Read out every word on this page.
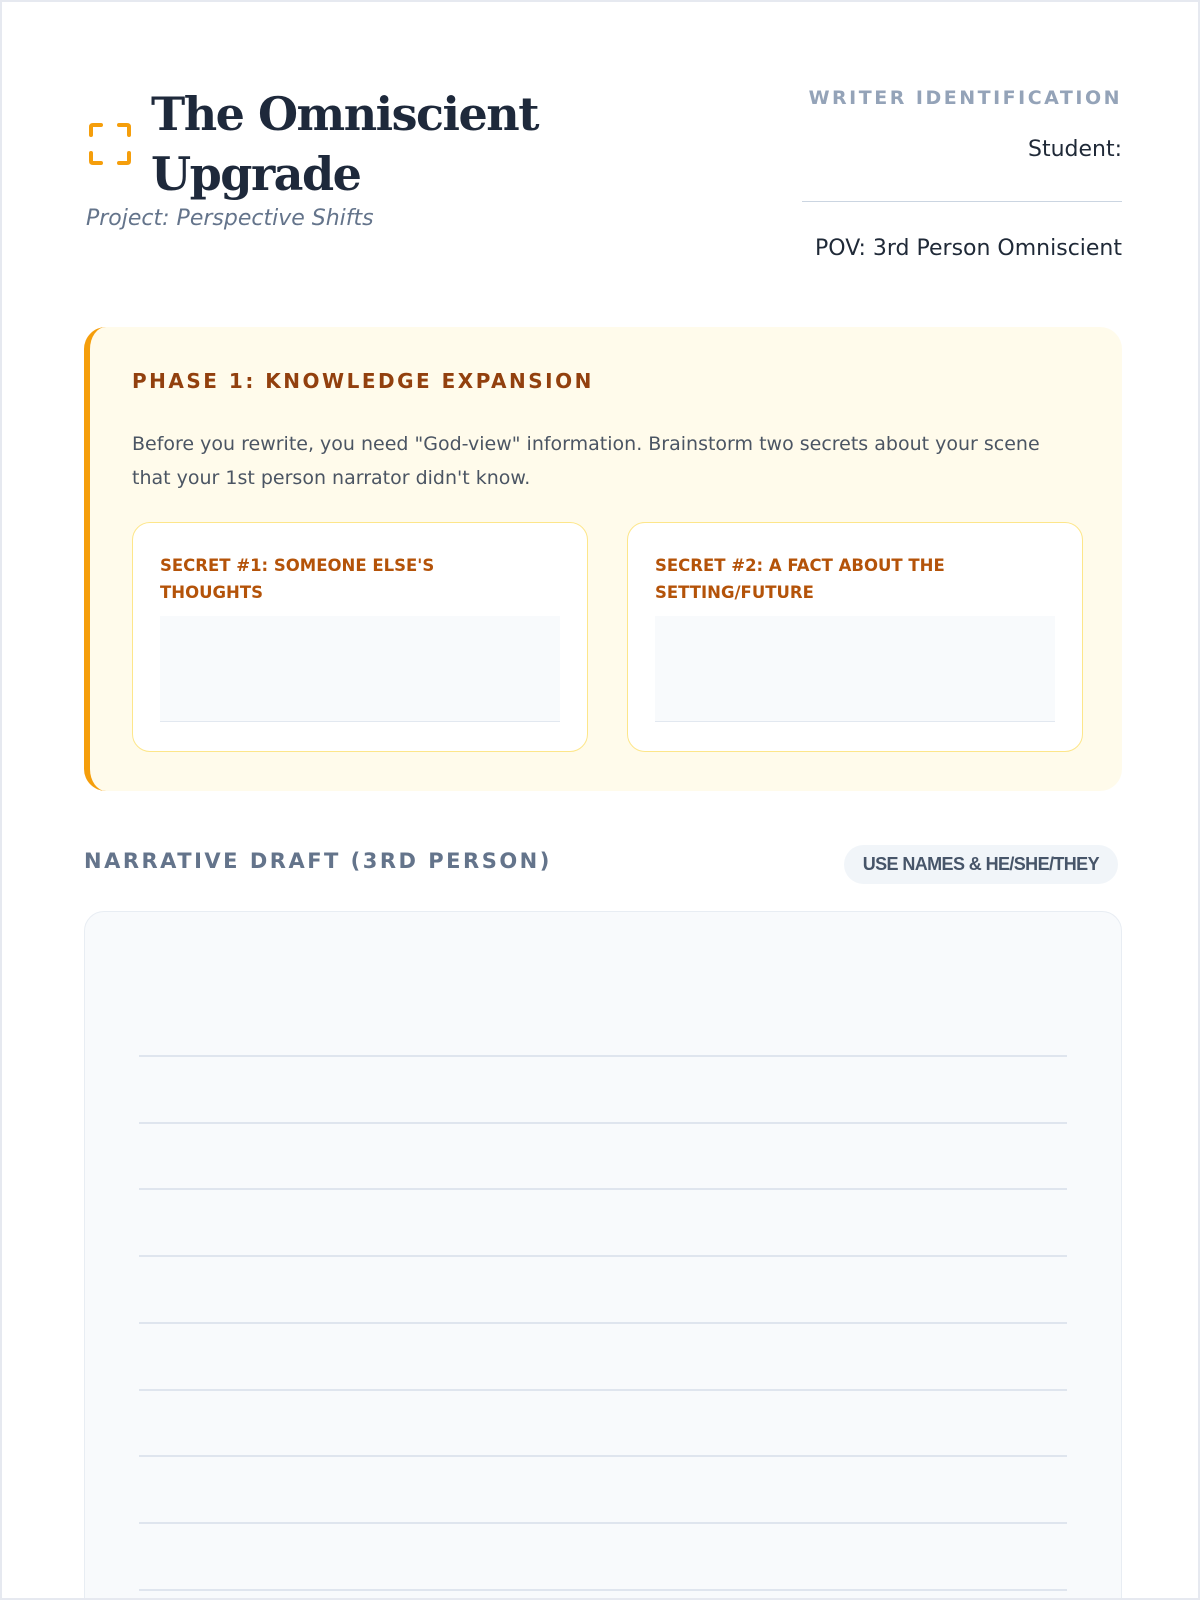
The Omniscient Upgrade
Project: Perspective Shifts
WRITER IDENTIFICATION
Student:
POV: 3rd Person Omniscient
PHASE 1: KNOWLEDGE EXPANSION

Before you rewrite, you need "God-view" information. Brainstorm two secrets about your scene that your 1st person narrator didn't know.

SECRET #1: SOMEONE ELSE'S THOUGHTS

SECRET #2: A FACT ABOUT THE SETTING/FUTURE

NARRATIVE DRAFT (3RD PERSON)	USE NAMES & HE/SHE/THEY
